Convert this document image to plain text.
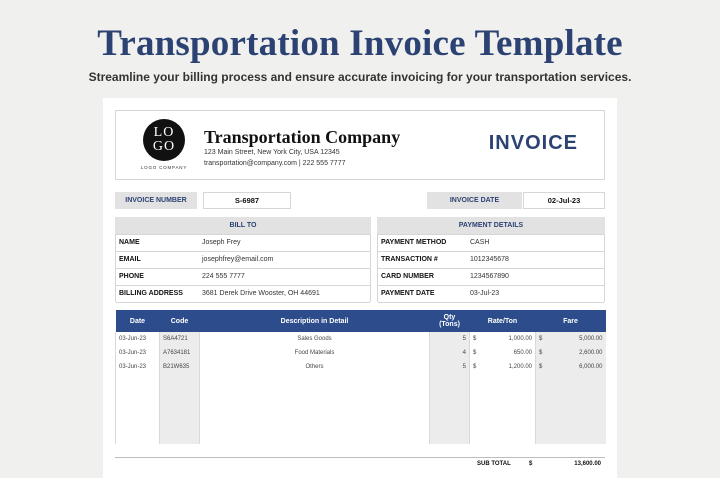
Transportation Invoice Template
Streamline your billing process and ensure accurate invoicing for your transportation services.
LO
GO
LOGO COMPANY
Transportation Company
123 Main Street, New York City, USA 12345
transportation@company.com | 222 555 7777
INVOICE
INVOICE NUMBER	S-6987	INVOICE DATE	02-Jul-23
BILL TO	PAYMENT DETAILS
NAME	Joseph Frey
EMAIL	josephfrey@email.com
PHONE	224 555 7777
BILLING ADDRESS	3681 Derek Drive Wooster, OH 44691
PAYMENT METHOD	CASH
TRANSACTION #	1012345678
CARD NUMBER	1234567890
PAYMENT DATE	03-Jul-23
Date	Code	Description in Detail	Qty
(Tons)	Rate/Ton	Fare
03-Jun-23	S6A4721	Sales Goods	5	$ 1,000.00	$ 5,000.00

03-Jun-23	A7634181	Food Materials	4	$ 650.00	$ 2,600.00

03-Jun-23	B21W635	Others	5	$ 1,200.00	$ 6,000.00

SUB TOTAL	$	13,600.00
